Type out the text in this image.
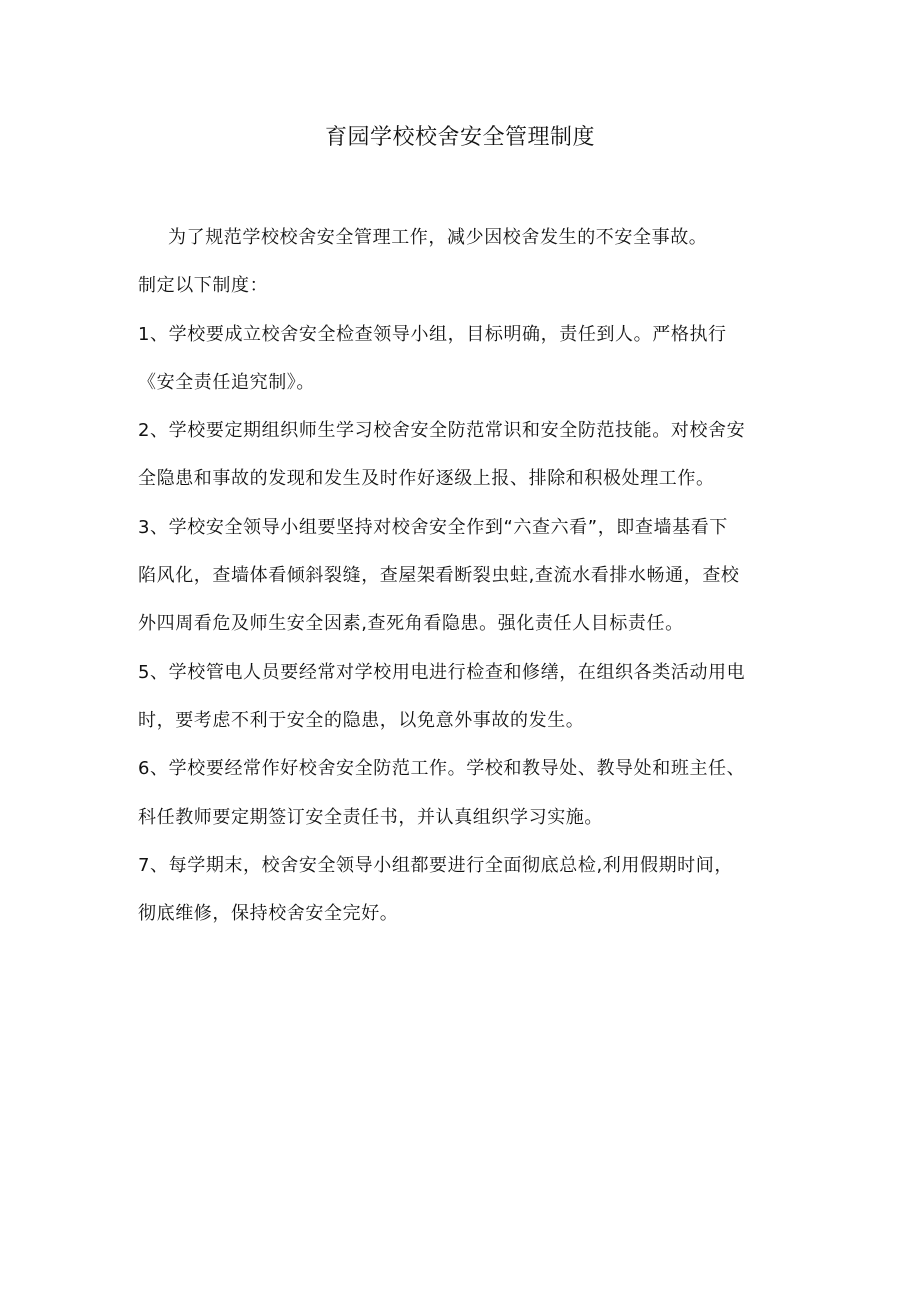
育园学校校舍安全管理制度
为了规范学校校舍安全管理工作，减少因校舍发生的不安全事故。
制定以下制度：
1、学校要成立校舍安全检查领导小组，目标明确，责任到人。严格执行
《安全责任追究制》。
2、学校要定期组织师生学习校舍安全防范常识和安全防范技能。对校舍安
全隐患和事故的发现和发生及时作好逐级上报、排除和积极处理工作。
3、学校安全领导小组要坚持对校舍安全作到“六查六看”，即查墙基看下
陷风化，查墙体看倾斜裂缝，查屋架看断裂虫蛀,查流水看排水畅通，查校
外四周看危及师生安全因素,查死角看隐患。强化责任人目标责任。
5、学校管电人员要经常对学校用电进行检查和修缮，在组织各类活动用电
时，要考虑不利于安全的隐患，以免意外事故的发生。
6、学校要经常作好校舍安全防范工作。学校和教导处、教导处和班主任、
科任教师要定期签订安全责任书，并认真组织学习实施。
7、每学期末，校舍安全领导小组都要进行全面彻底总检,利用假期时间，
彻底维修，保持校舍安全完好。
